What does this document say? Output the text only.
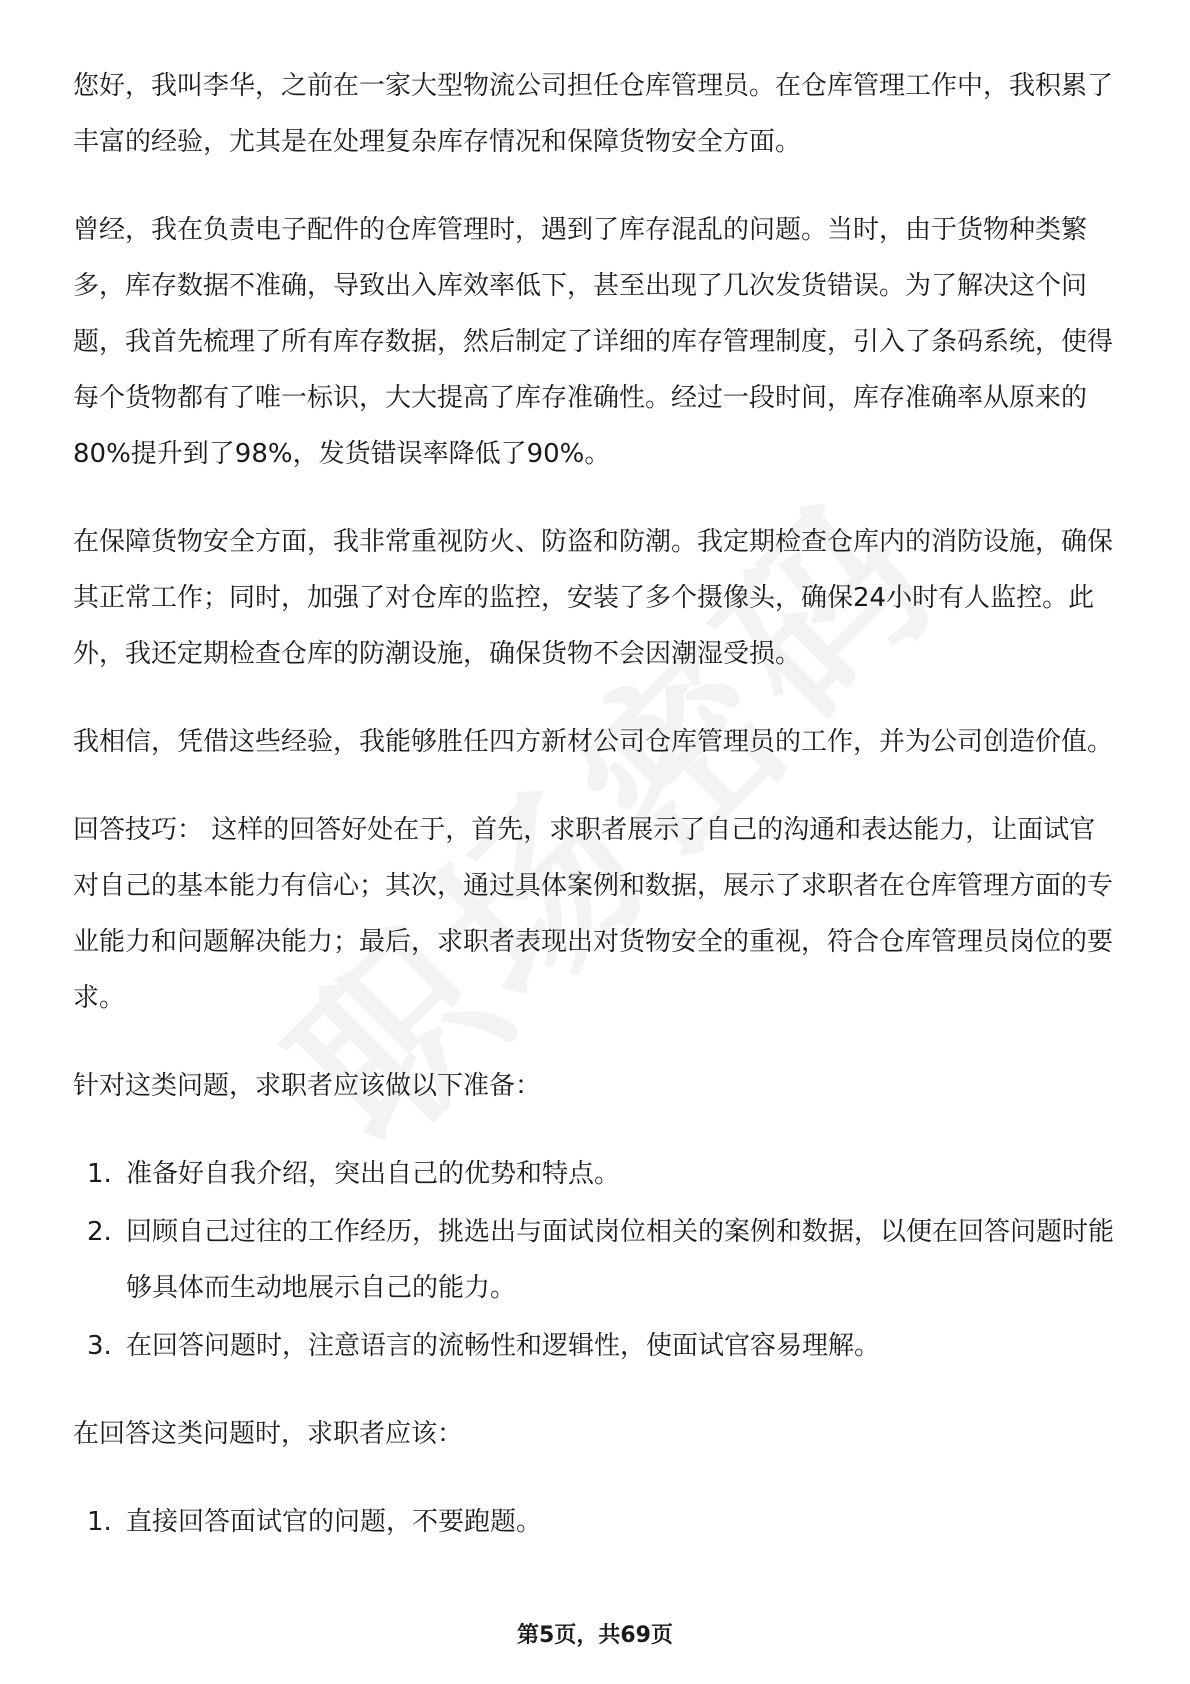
您好，我叫李华，之前在一家大型物流公司担任仓库管理员。在仓库管理工作中，我积累了丰富的经验，尤其是在处理复杂库存情况和保障货物安全方面。

曾经，我在负责电子配件的仓库管理时，遇到了库存混乱的问题。当时，由于货物种类繁多，库存数据不准确，导致出入库效率低下，甚至出现了几次发货错误。为了解决这个问题，我首先梳理了所有库存数据，然后制定了详细的库存管理制度，引入了条码系统，使得每个货物都有了唯一标识，大大提高了库存准确性。经过一段时间，库存准确率从原来的80%提升到了98%，发货错误率降低了90%。

在保障货物安全方面，我非常重视防火、防盗和防潮。我定期检查仓库内的消防设施，确保其正常工作；同时，加强了对仓库的监控，安装了多个摄像头，确保24小时有人监控。此外，我还定期检查仓库的防潮设施，确保货物不会因潮湿受损。

我相信，凭借这些经验，我能够胜任四方新材公司仓库管理员的工作，并为公司创造价值。

回答技巧： 这样的回答好处在于，首先，求职者展示了自己的沟通和表达能力，让面试官对自己的基本能力有信心；其次，通过具体案例和数据，展示了求职者在仓库管理方面的专业能力和问题解决能力；最后，求职者表现出对货物安全的重视，符合仓库管理员岗位的要求。

针对这类问题，求职者应该做以下准备：

1. 准备好自我介绍，突出自己的优势和特点。
2. 回顾自己过往的工作经历，挑选出与面试岗位相关的案例和数据，以便在回答问题时能够具体而生动地展示自己的能力。
3. 在回答问题时，注意语言的流畅性和逻辑性，使面试官容易理解。

在回答这类问题时，求职者应该：

1. 直接回答面试官的问题，不要跑题。
第5页，共69页
